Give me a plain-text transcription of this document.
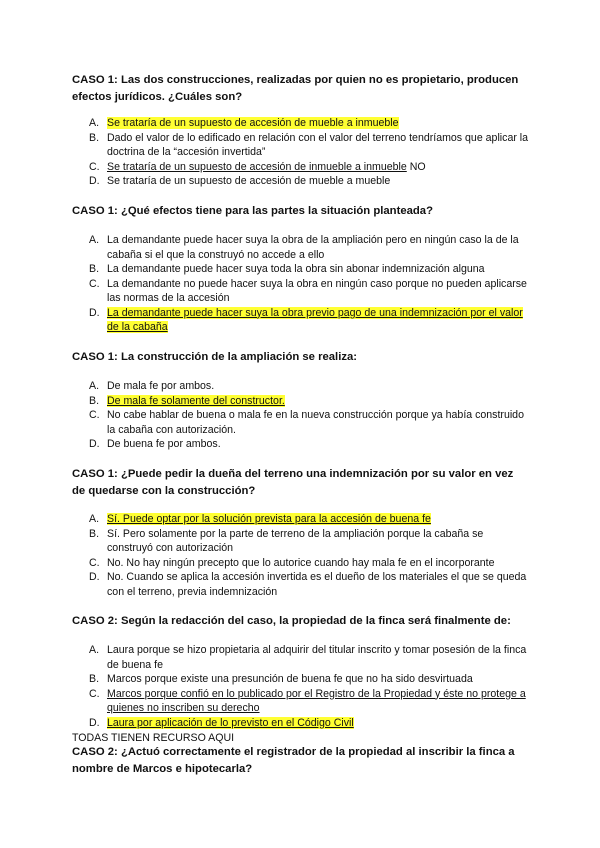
CASO 1: Las dos construcciones, realizadas por quien no es propietario, producen efectos jurídicos. ¿Cuáles son?

A. Se trataría de un supuesto de accesión de mueble a inmueble
B. Dado el valor de lo edificado en relación con el valor del terreno tendríamos que aplicar la doctrina de la “accesión invertida”
C. Se trataría de un supuesto de accesión de inmueble a inmueble NO
D. Se trataría de un supuesto de accesión de mueble a mueble

CASO 1: ¿Qué efectos tiene para las partes la situación planteada?

A. La demandante puede hacer suya la obra de la ampliación pero en ningún caso la de la cabaña si el que la construyó no accede a ello
B. La demandante puede hacer suya toda la obra sin abonar indemnización alguna
C. La demandante no puede hacer suya la obra en ningún caso porque no pueden aplicarse las normas de la accesión
D. La demandante puede hacer suya la obra previo pago de una indemnización por el valor de la cabaña

CASO 1: La construcción de la ampliación se realiza:

A. De mala fe por ambos.
B. De mala fe solamente del constructor.
C. No cabe hablar de buena o mala fe en la nueva construcción porque ya había construido la cabaña con autorización.
D. De buena fe por ambos.

CASO 1: ¿Puede pedir la dueña del terreno una indemnización por su valor en vez de quedarse con la construcción?

A. Sí. Puede optar por la solución prevista para la accesión de buena fe
B. Sí. Pero solamente por la parte de terreno de la ampliación porque la cabaña se construyó con autorización
C. No. No hay ningún precepto que lo autorice cuando hay mala fe en el incorporante
D. No. Cuando se aplica la accesión invertida es el dueño de los materiales el que se queda con el terreno, previa indemnización

CASO 2: Según la redacción del caso, la propiedad de la finca será finalmente de:

A. Laura porque se hizo propietaria al adquirir del titular inscrito y tomar posesión de la finca de buena fe
B. Marcos porque existe una presunción de buena fe que no ha sido desvirtuada
C. Marcos porque confió en lo publicado por el Registro de la Propiedad y éste no protege a quienes no inscriben su derecho
D. Laura por aplicación de lo previsto en el Código Civil

TODAS TIENEN RECURSO AQUI

CASO 2: ¿Actuó correctamente el registrador de la propiedad al inscribir la finca a nombre de Marcos e hipotecarla?
